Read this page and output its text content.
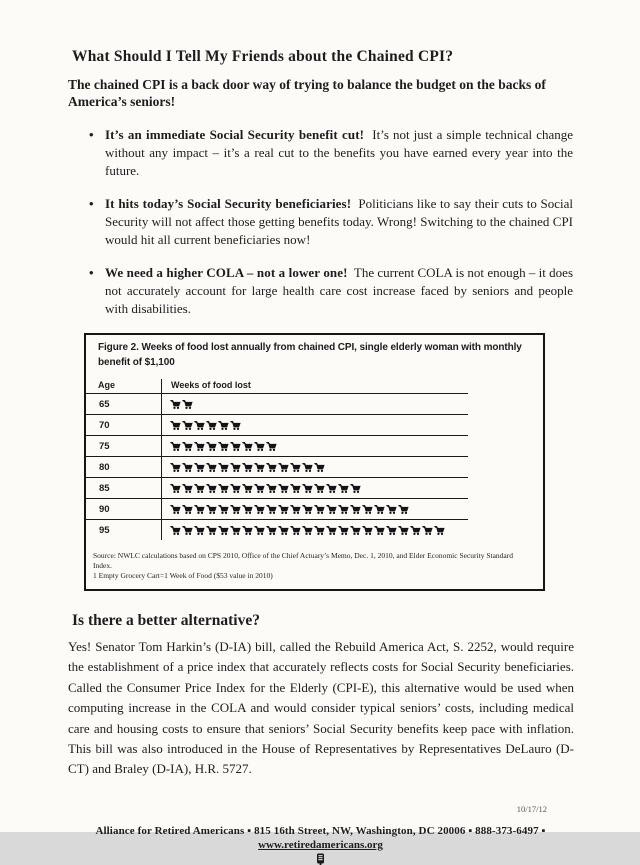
What Should I Tell My Friends about the Chained CPI?

The chained CPI is a back door way of trying to balance the budget on the backs of America’s seniors!

• It’s an immediate Social Security benefit cut! It’s not just a simple technical change without any impact – it’s a real cut to the benefits you have earned every year into the future.
• It hits today’s Social Security beneficiaries! Politicians like to say their cuts to Social Security will not affect those getting benefits today. Wrong! Switching to the chained CPI would hit all current beneficiaries now!
• We need a higher COLA – not a lower one! The current COLA is not enough – it does not accurately account for large health care cost increase faced by seniors and people with disabilities.
Figure 2. Weeks of food lost annually from chained CPI, single elderly woman with monthly benefit of $1,100
Age	Weeks of food lost
65
70
75
80
85
90
95
Source: NWLC calculations based on CPS 2010, Office of the Chief Actuary’s Memo, Dec. 1, 2010, and Elder Economic Security Standard Index.
1 Empty Grocery Cart=1 Week of Food ($53 value in 2010)
Is there a better alternative?

Yes! Senator Tom Harkin’s (D-IA) bill, called the Rebuild America Act, S. 2252, would require the establishment of a price index that accurately reflects costs for Social Security beneficiaries. Called the Consumer Price Index for the Elderly (CPI-E), this alternative would be used when computing increase in the COLA and would consider typical seniors’ costs, including medical care and housing costs to ensure that seniors’ Social Security benefits keep pace with inflation. This bill was also introduced in the House of Representatives by Representatives DeLauro (D-CT) and Braley (D-IA), H.R. 5727.

10/17/12
Alliance for Retired Americans ▪ 815 16th Street, NW, Washington, DC 20006 ▪ 888-373-6497 ▪
www.retiredamericans.org
